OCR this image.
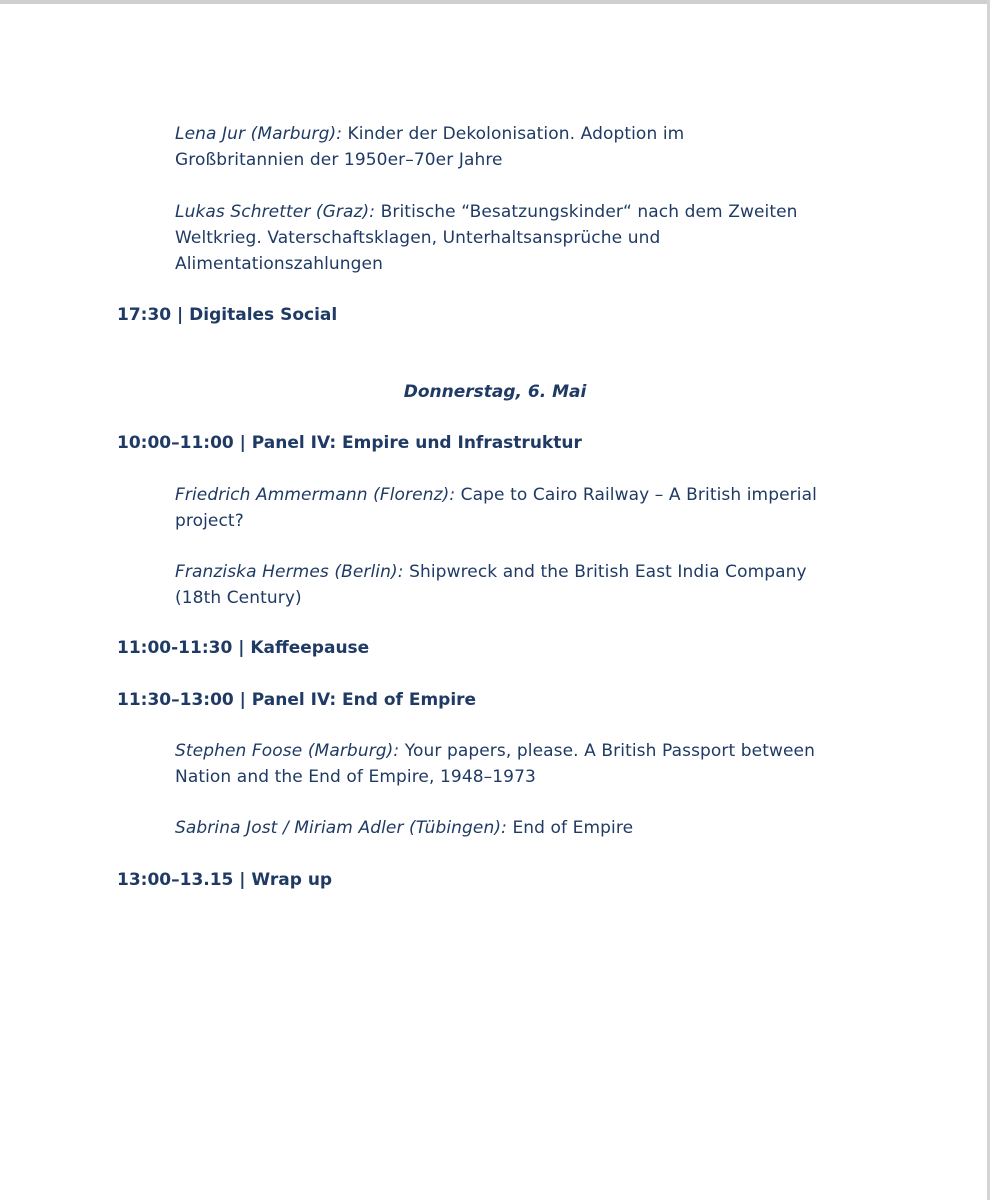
Lena Jur (Marburg): Kinder der Dekolonisation. Adoption im
Großbritannien der 1950er–70er Jahre
Lukas Schretter (Graz): Britische “Besatzungskinder“ nach dem Zweiten
Weltkrieg. Vaterschaftsklagen, Unterhaltsansprüche und
Alimentationszahlungen
17:30 | Digitales Social
Donnerstag, 6. Mai
10:00–11:00 | Panel IV: Empire und Infrastruktur
Friedrich Ammermann (Florenz): Cape to Cairo Railway – A British imperial
project?
Franziska Hermes (Berlin): Shipwreck and the British East India Company
(18th Century)
11:00-11:30 | Kaffeepause
11:30–13:00 | Panel IV: End of Empire
Stephen Foose (Marburg): Your papers, please. A British Passport between
Nation and the End of Empire, 1948–1973
Sabrina Jost / Miriam Adler (Tübingen): End of Empire
13:00–13.15 | Wrap up
